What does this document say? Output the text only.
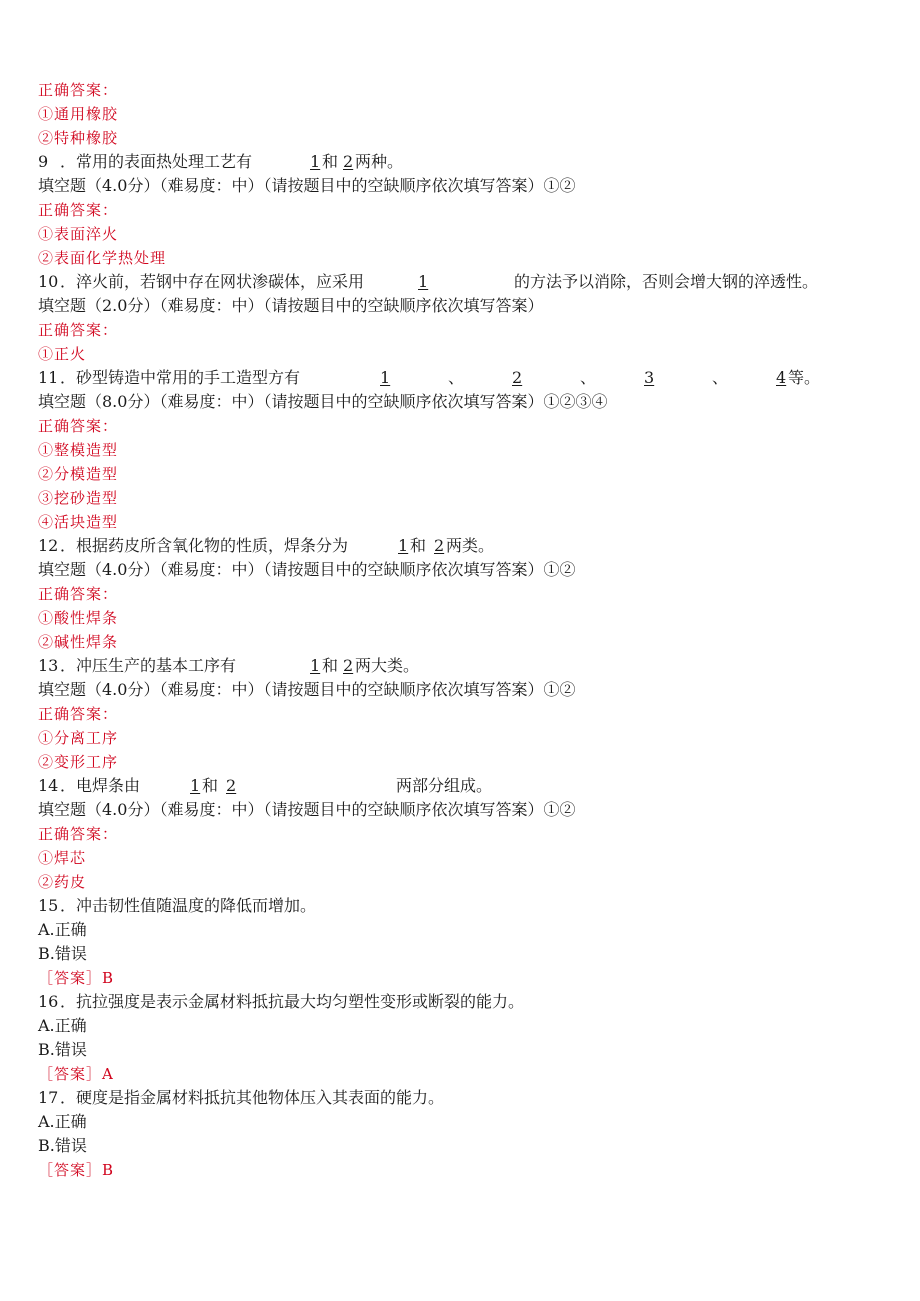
正确答案：
①通用橡胶
②特种橡胶
9 ．常用的表面热处理工艺有	1 和 2 两种。
填空题（4.0分）（难易度：中）（请按题目中的空缺顺序依次填写答案）①②
正确答案：
①表面淬火
②表面化学热处理
10 ．淬火前，若钢中存在网状渗碳体，应采用	1	的方法予以消除，否则会增大钢的淬透性。
填空题（2.0分）（难易度：中）（请按题目中的空缺顺序依次填写答案）
正确答案：
①正火
11 ．砂型铸造中常用的手工造型方有	1	、	2	、	3	、	4 等。
填空题（8.0分）（难易度：中）（请按题目中的空缺顺序依次填写答案）①②③④
正确答案：
①整模造型
②分模造型
③挖砂造型
④活块造型
12 ．根据药皮所含氧化物的性质，焊条分为	1 和 2 两类。
填空题（4.0分）（难易度：中）（请按题目中的空缺顺序依次填写答案）①②
正确答案：
①酸性焊条
②碱性焊条
13 ．冲压生产的基本工序有	1 和 2 两大类。
填空题（4.0分）（难易度：中）（请按题目中的空缺顺序依次填写答案）①②
正确答案：
①分离工序
②变形工序
14 ．电焊条由	1 和 2	两部分组成。
填空题（4.0分）（难易度：中）（请按题目中的空缺顺序依次填写答案）①②
正确答案：
①焊芯
②药皮
15 ．冲击韧性值随温度的降低而增加。
A.正确
B.错误
［答案］B
16 ．抗拉强度是表示金属材料抵抗最大均匀塑性变形或断裂的能力。
A.正确
B.错误
［答案］A
17 ．硬度是指金属材料抵抗其他物体压入其表面的能力。
A.正确
B.错误
［答案］B
